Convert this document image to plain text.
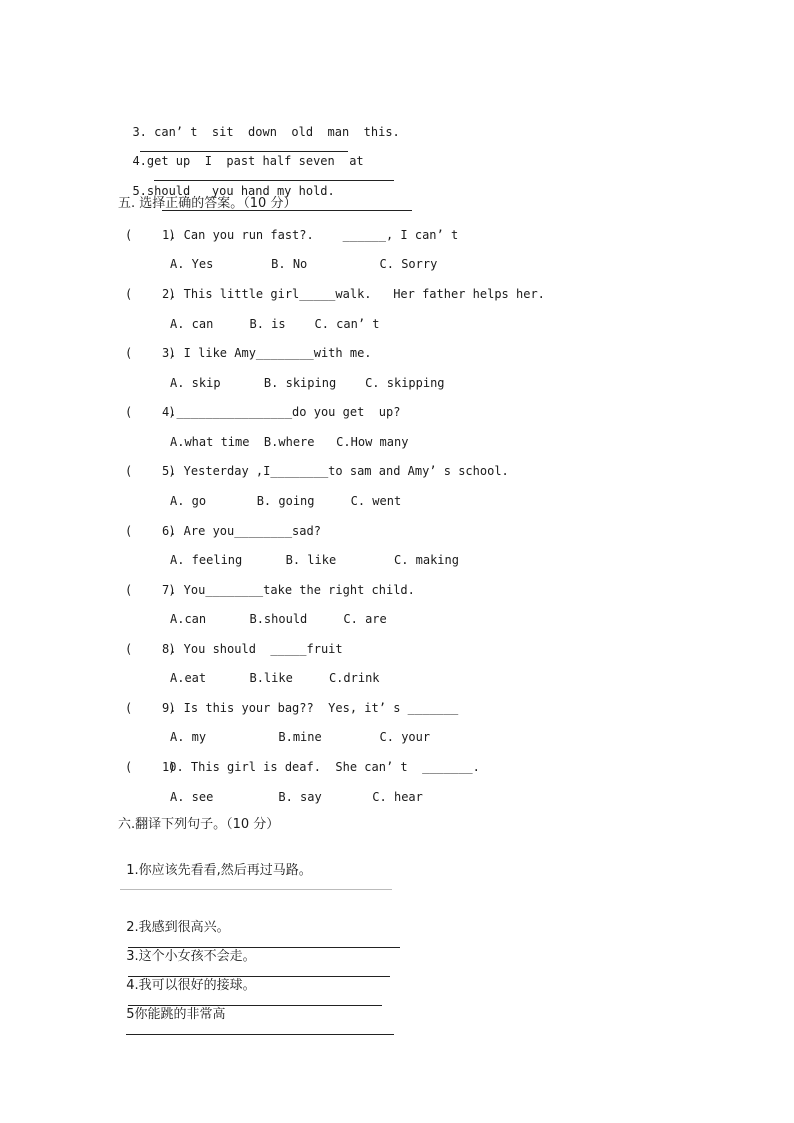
3. can’ t  sit  down  old  man  this.

4.get up  I  past half seven  at

5.should   you hand my hold.

五. 选择正确的答案。（10 分）
(     )
1. Can you run fast?.    ______, I can’ t
A. Yes        B. No          C. Sorry
(     )
2. This little girl_____walk.   Her father helps her.
A. can     B. is    C. can’ t
(     )
3. I like Amy________with me.
A. skip      B. skiping    C. skipping
(     )
4.________________do you get  up?
A.what time  B.where   C.How many
(     )
5. Yesterday ,I________to sam and Amy’ s school.
A. go       B. going     C. went
(     )
6. Are you________sad?
A. feeling      B. like        C. making
(     )
7. You________take the right child.
A.can      B.should     C. are
(     )
8. You should  _____fruit
A.eat      B.like     C.drink
(     )
9. Is this your bag??  Yes, it’ s _______
A. my          B.mine        C. your
(     )
10. This girl is deaf.  She can’ t  _______.
A. see         B. say       C. hear
六.翻译下列句子。（10 分）

1.你应该先看看,然后再过马路。

2.我感到很高兴。

3.这个小女孩不会走。

4.我可以很好的接球。

5你能跳的非常高
